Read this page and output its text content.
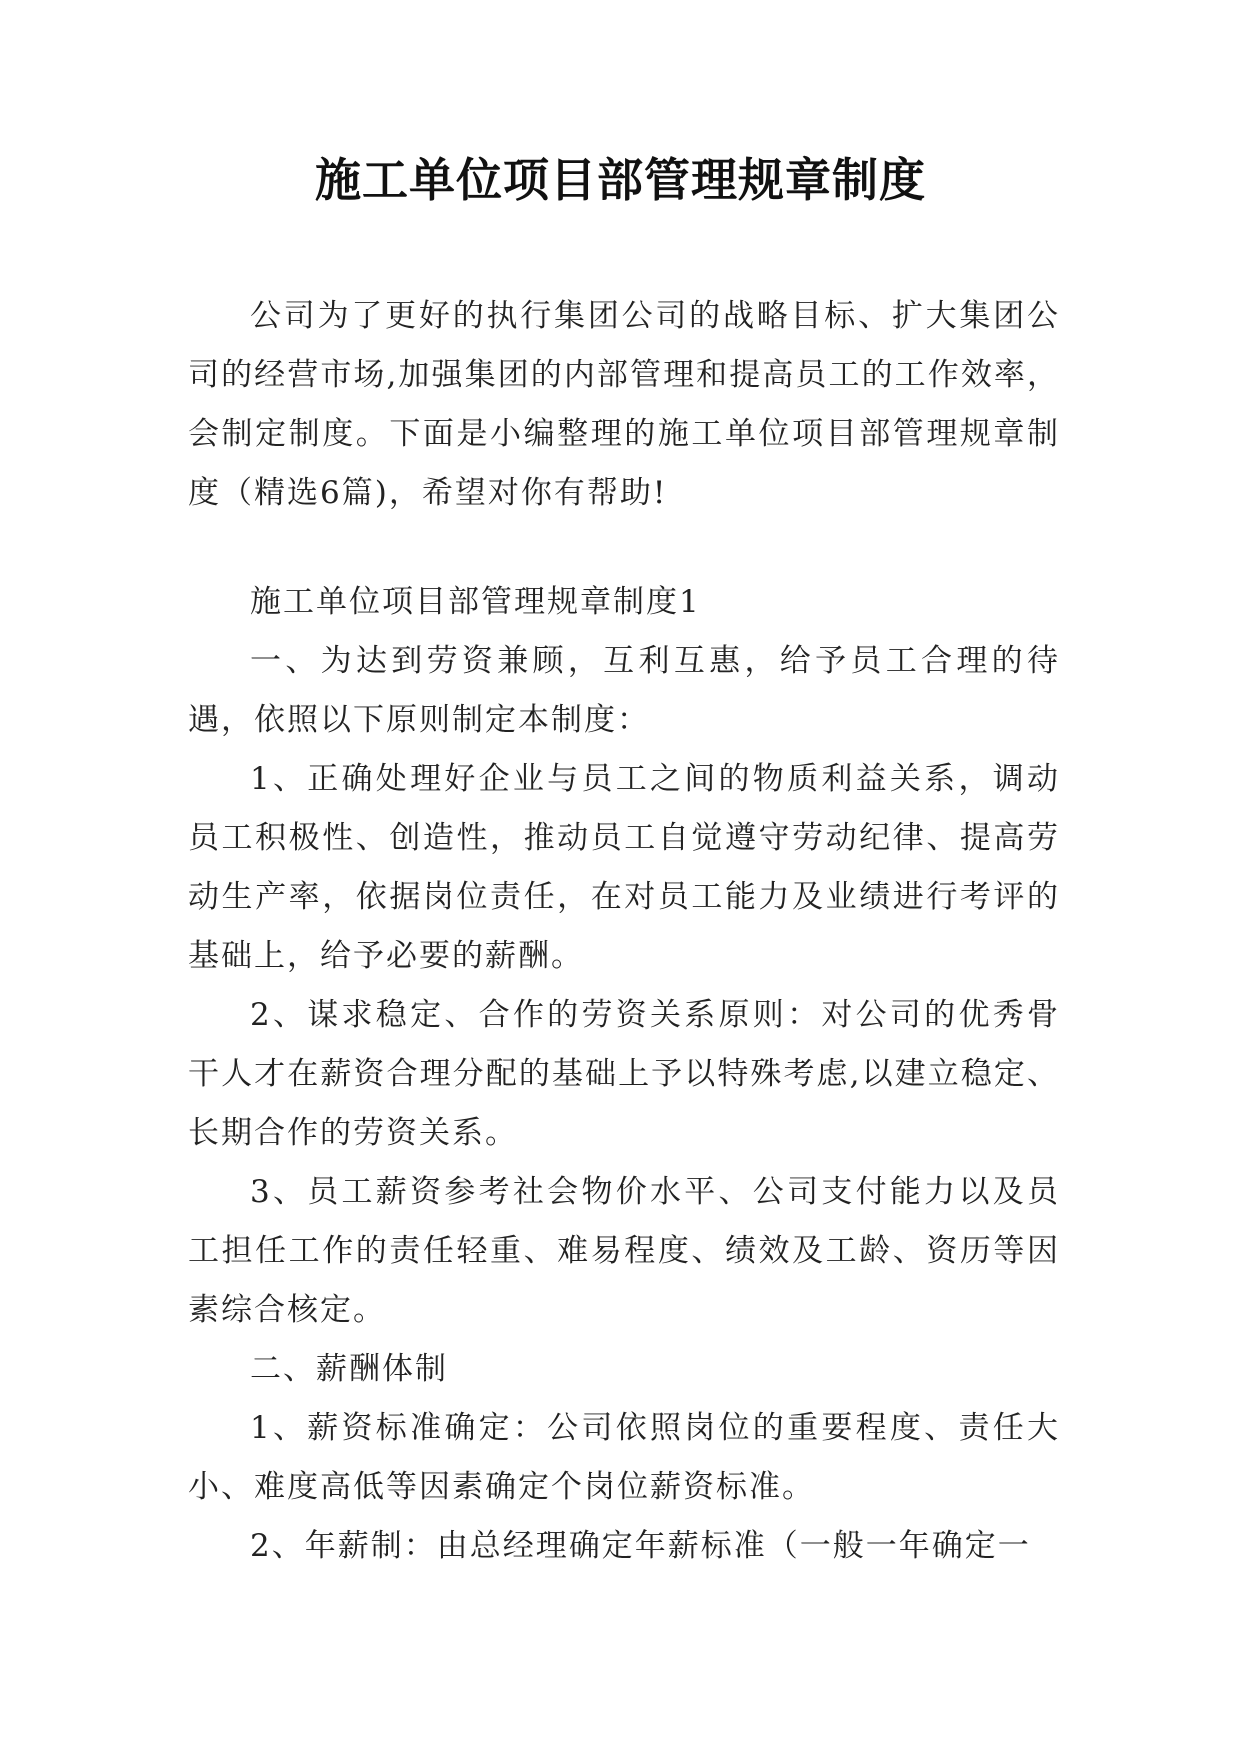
施工单位项目部管理规章制度

公司为了更好的执行集团公司的战略目标、扩大集团公司的经营市场,加强集团的内部管理和提高员工的工作效率，会制定制度。下面是小编整理的施工单位项目部管理规章制度（精选6篇)，希望对你有帮助!

施工单位项目部管理规章制度1

一、为达到劳资兼顾，互利互惠，给予员工合理的待遇，依照以下原则制定本制度：

1、正确处理好企业与员工之间的物质利益关系，调动员工积极性、创造性，推动员工自觉遵守劳动纪律、提高劳动生产率，依据岗位责任，在对员工能力及业绩进行考评的基础上，给予必要的薪酬。

2、谋求稳定、合作的劳资关系原则：对公司的优秀骨干人才在薪资合理分配的基础上予以特殊考虑,以建立稳定、长期合作的劳资关系。

3、员工薪资参考社会物价水平、公司支付能力以及员工担任工作的责任轻重、难易程度、绩效及工龄、资历等因素综合核定。

二、薪酬体制

1、薪资标准确定：公司依照岗位的重要程度、责任大小、难度高低等因素确定个岗位薪资标准。

2、年薪制：由总经理确定年薪标准（一般一年确定一
